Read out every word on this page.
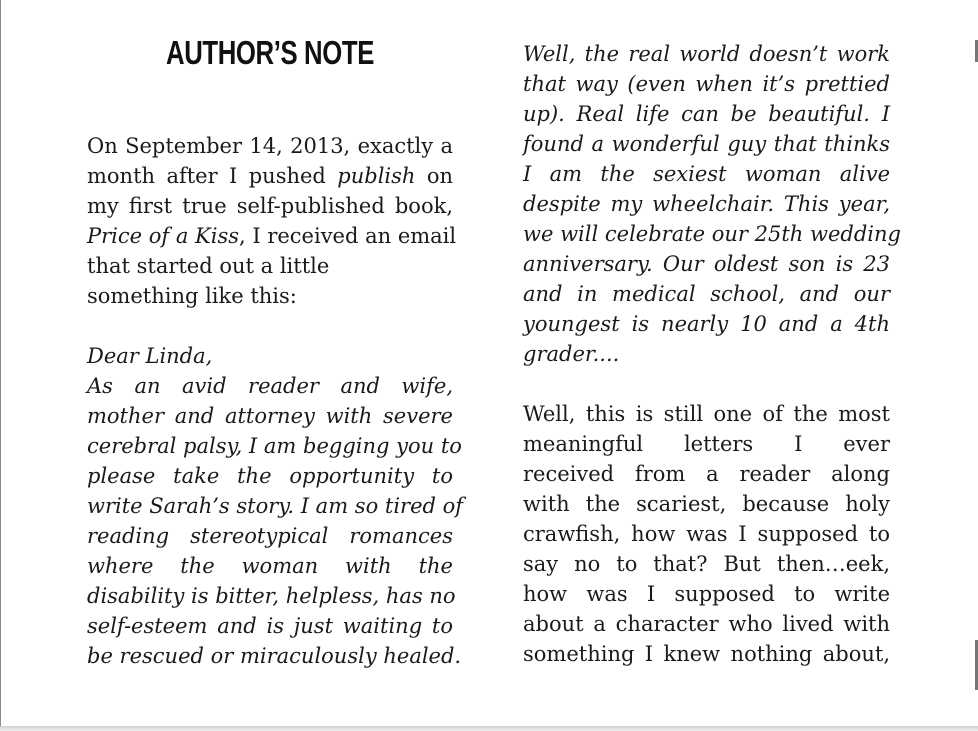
AUTHOR’S NOTE
On September 14, 2013, exactly a
month after I pushed publish on
my first true self-published book,
Price of a Kiss, I received an email
that started out a little
something like this:
Dear Linda,
As an avid reader and wife,
mother and attorney with severe
cerebral palsy, I am begging you to
please take the opportunity to
write Sarah’s story. I am so tired of
reading stereotypical romances
where the woman with the
disability is bitter, helpless, has no
self-esteem and is just waiting to
be rescued or miraculously healed.
Well, the real world doesn’t work
that way (even when it’s prettied
up). Real life can be beautiful. I
found a wonderful guy that thinks
I am the sexiest woman alive
despite my wheelchair. This year,
we will celebrate our 25th wedding
anniversary. Our oldest son is 23
and in medical school, and our
youngest is nearly 10 and a 4th
grader....
Well, this is still one of the most
meaningful letters I ever
received from a reader along
with the scariest, because holy
crawfish, how was I supposed to
say no to that? But then…eek,
how was I supposed to write
about a character who lived with
something I knew nothing about,
